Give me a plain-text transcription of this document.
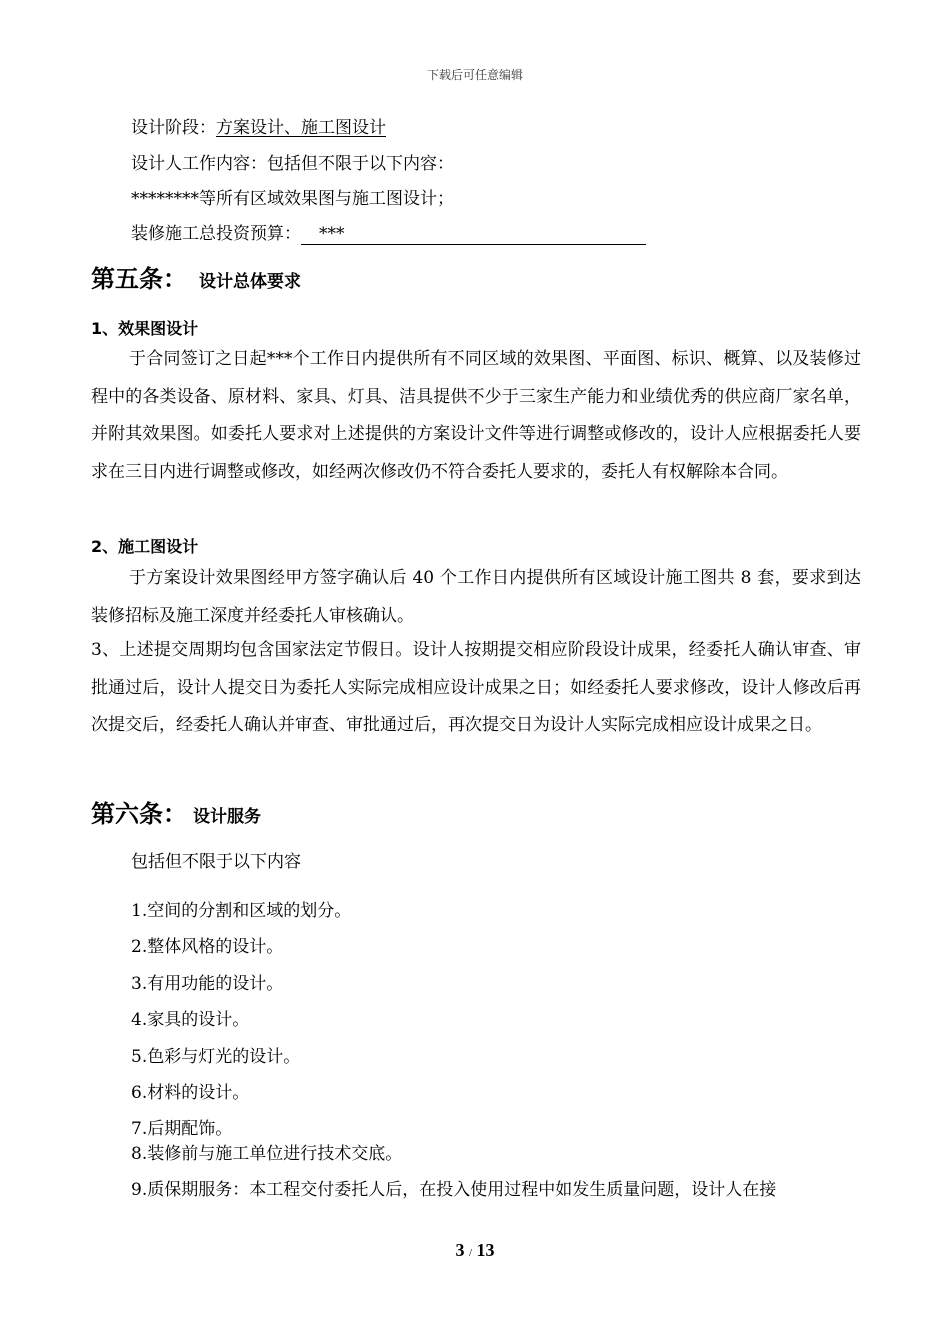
下载后可任意编辑
设计阶段：方案设计、施工图设计
设计人工作内容：包括但不限于以下内容：
********等所有区域效果图与施工图设计；
装修施工总投资预算： ***
第五条： 设计总体要求
1、效果图设计
于合同签订之日起***个工作日内提供所有不同区域的效果图、平面图、标识、概算、以及装修过程中的各类设备、原材料、家具、灯具、洁具提供不少于三家生产能力和业绩优秀的供应商厂家名单，并附其效果图。如委托人要求对上述提供的方案设计文件等进行调整或修改的，设计人应根据委托人要求在三日内进行调整或修改，如经两次修改仍不符合委托人要求的，委托人有权解除本合同。
2、施工图设计
于方案设计效果图经甲方签字确认后 40 个工作日内提供所有区域设计施工图共 8 套，要求到达装修招标及施工深度并经委托人审核确认。
3、上述提交周期均包含国家法定节假日。设计人按期提交相应阶段设计成果，经委托人确认审查、审批通过后，设计人提交日为委托人实际完成相应设计成果之日；如经委托人要求修改，设计人修改后再次提交后，经委托人确认并审查、审批通过后，再次提交日为设计人实际完成相应设计成果之日。
第六条： 设计服务
包括但不限于以下内容
1.空间的分割和区域的划分。
2.整体风格的设计。
3.有用功能的设计。
4.家具的设计。
5.色彩与灯光的设计。
6.材料的设计。
7.后期配饰。
8.装修前与施工单位进行技术交底。
9.质保期服务：本工程交付委托人后，在投入使用过程中如发生质量问题，设计人在接
3 / 13
